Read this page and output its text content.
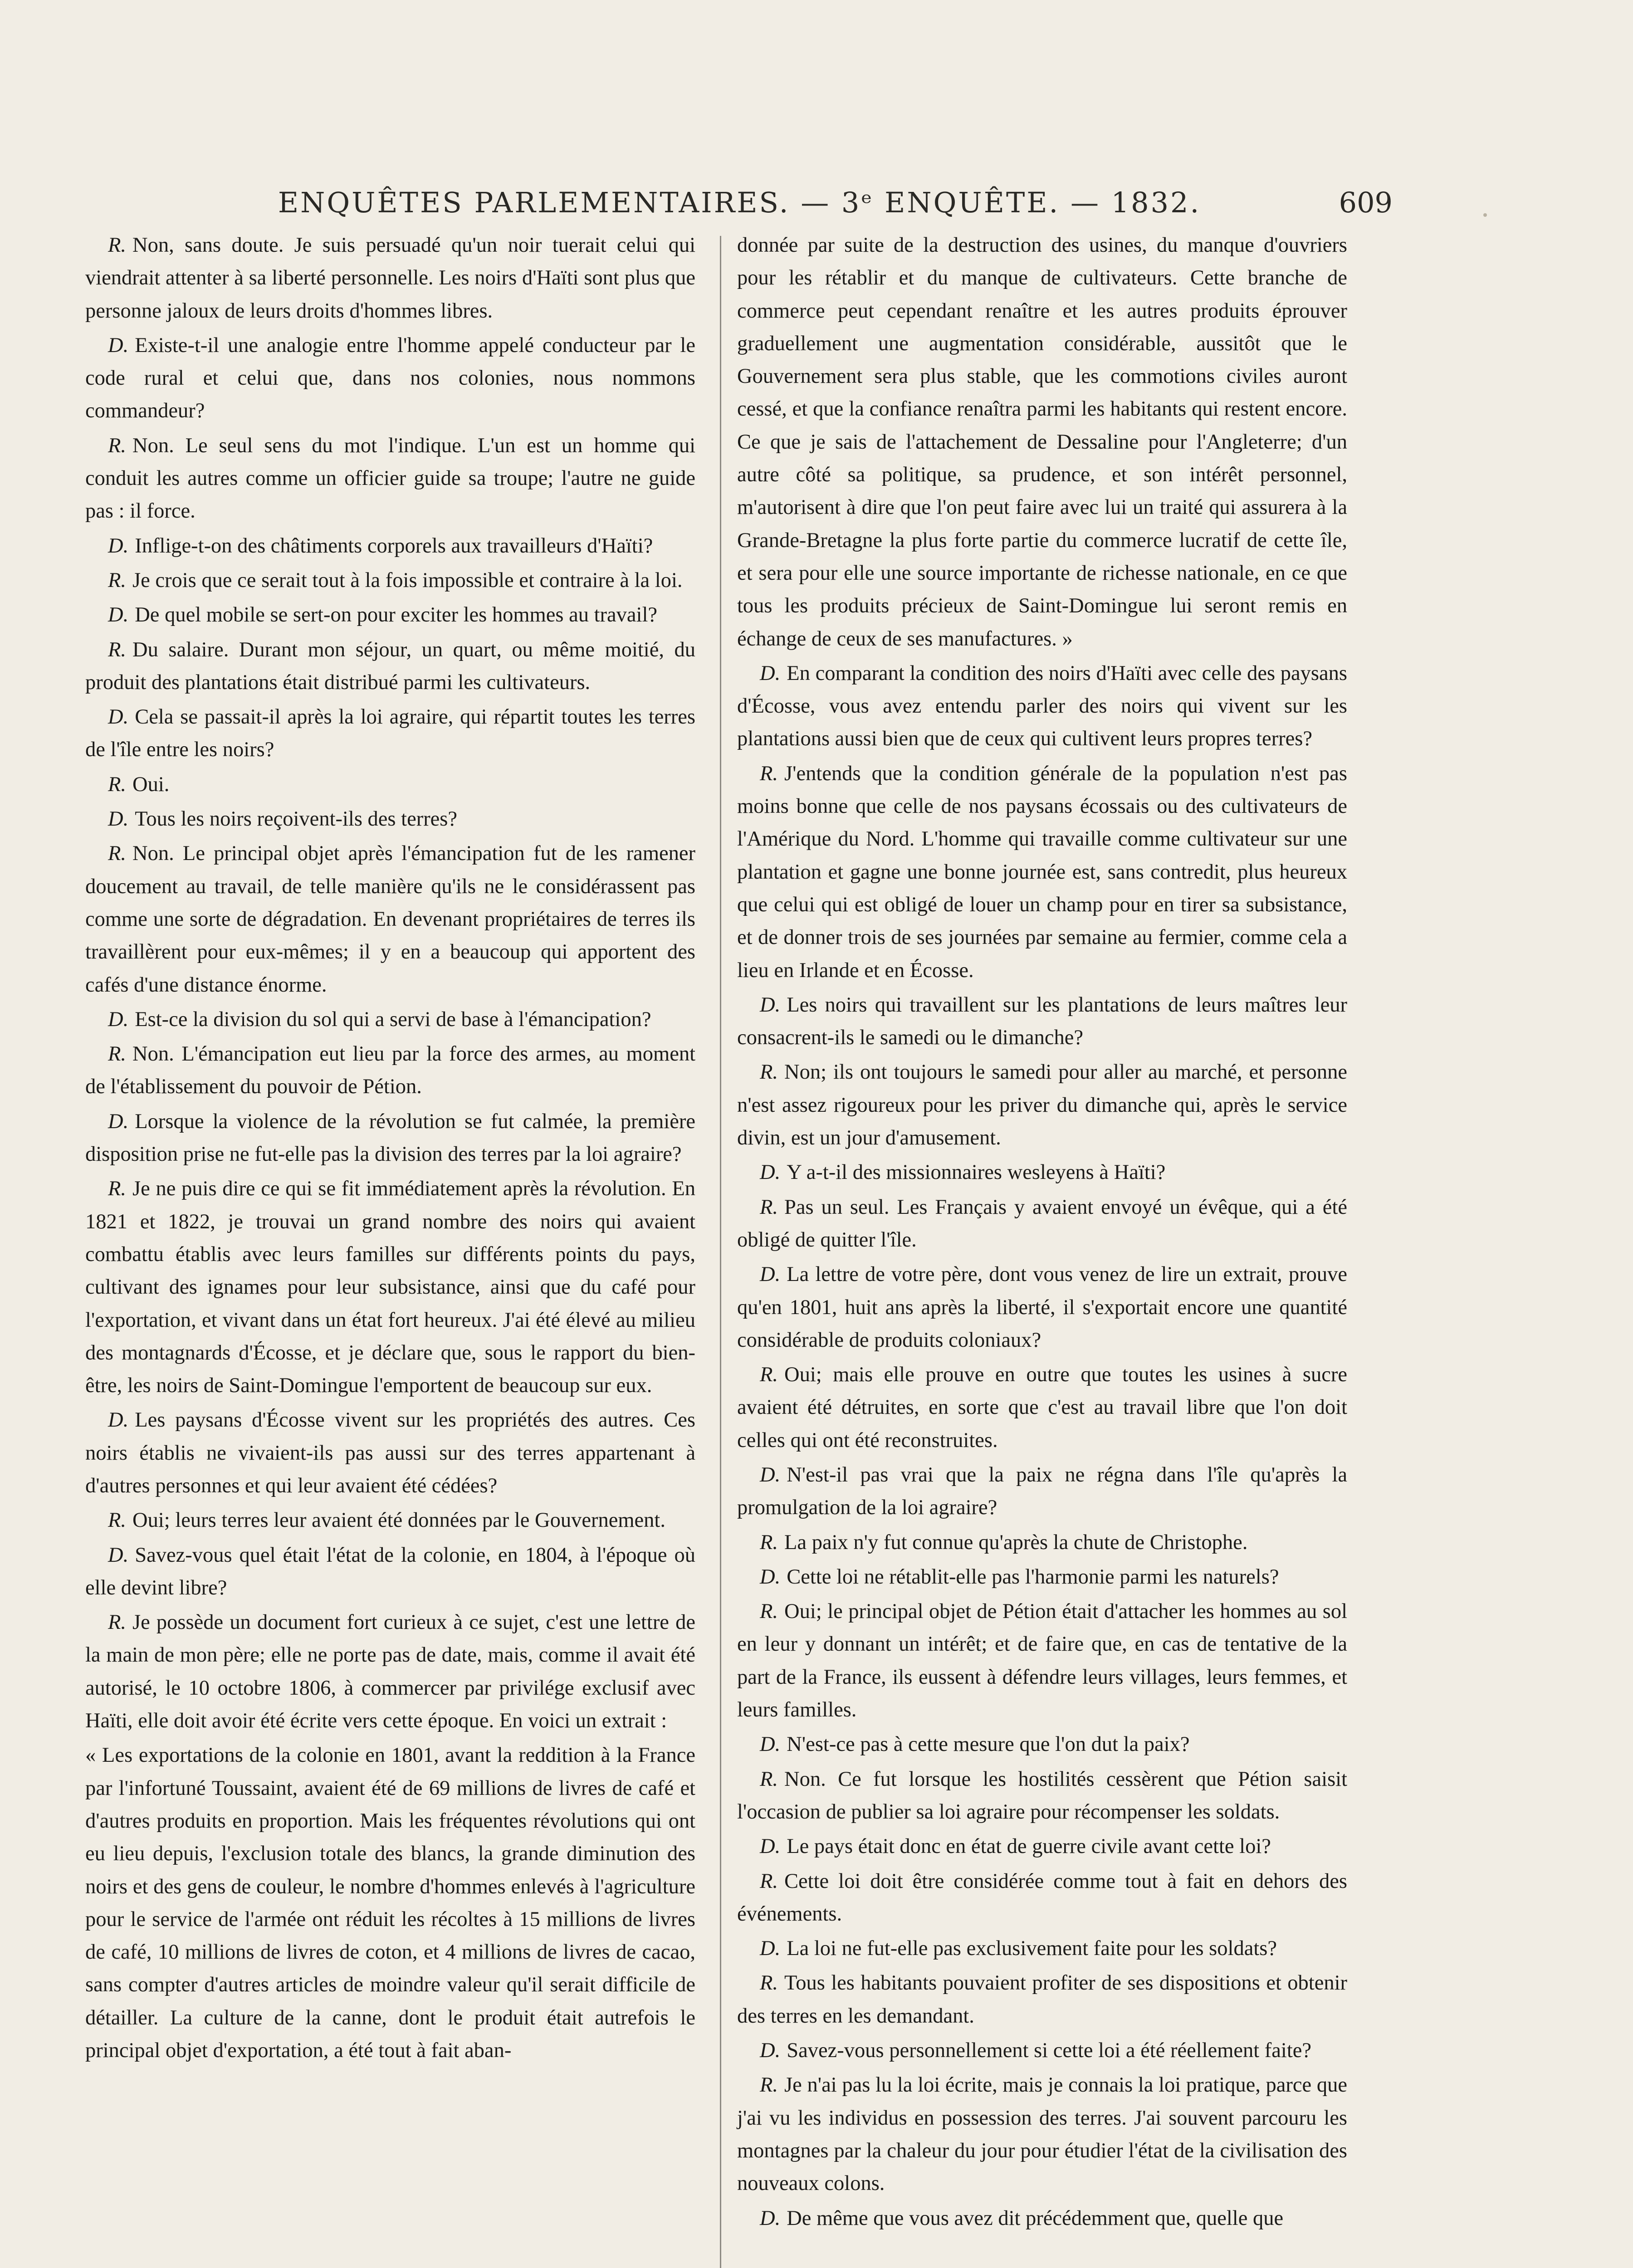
ENQUÊTES PARLEMENTAIRES. — 3ᵉ ENQUÊTE. — 1832.	609

R. Non, sans doute. Je suis persuadé qu'un noir tuerait celui qui viendrait attenter à sa liberté personnelle. Les noirs d'Haïti sont plus que personne jaloux de leurs droits d'hommes libres.

D. Existe-t-il une analogie entre l'homme appelé conducteur par le code rural et celui que, dans nos colonies, nous nommons commandeur?

R. Non. Le seul sens du mot l'indique. L'un est un homme qui conduit les autres comme un officier guide sa troupe; l'autre ne guide pas : il force.

D. Inflige-t-on des châtiments corporels aux travailleurs d'Haïti?

R. Je crois que ce serait tout à la fois impossible et contraire à la loi.

D. De quel mobile se sert-on pour exciter les hommes au travail?

R. Du salaire. Durant mon séjour, un quart, ou même moitié, du produit des plantations était distribué parmi les cultivateurs.

D. Cela se passait-il après la loi agraire, qui répartit toutes les terres de l'île entre les noirs?

R. Oui.

D. Tous les noirs reçoivent-ils des terres?

R. Non. Le principal objet après l'émancipation fut de les ramener doucement au travail, de telle manière qu'ils ne le considérassent pas comme une sorte de dégradation. En devenant propriétaires de terres ils travaillèrent pour eux-mêmes; il y en a beaucoup qui apportent des cafés d'une distance énorme.

D. Est-ce la division du sol qui a servi de base à l'émancipation?

R. Non. L'émancipation eut lieu par la force des armes, au moment de l'établissement du pouvoir de Pétion.

D. Lorsque la violence de la révolution se fut calmée, la première disposition prise ne fut-elle pas la division des terres par la loi agraire?

R. Je ne puis dire ce qui se fit immédiatement après la révolution. En 1821 et 1822, je trouvai un grand nombre des noirs qui avaient combattu établis avec leurs familles sur différents points du pays, cultivant des ignames pour leur subsistance, ainsi que du café pour l'exportation, et vivant dans un état fort heureux. J'ai été élevé au milieu des montagnards d'Écosse, et je déclare que, sous le rapport du bien-être, les noirs de Saint-Domingue l'emportent de beaucoup sur eux.

D. Les paysans d'Écosse vivent sur les propriétés des autres. Ces noirs établis ne vivaient-ils pas aussi sur des terres appartenant à d'autres personnes et qui leur avaient été cédées?

R. Oui; leurs terres leur avaient été données par le Gouvernement.

D. Savez-vous quel était l'état de la colonie, en 1804, à l'époque où elle devint libre?

R. Je possède un document fort curieux à ce sujet, c'est une lettre de la main de mon père; elle ne porte pas de date, mais, comme il avait été autorisé, le 10 octobre 1806, à commercer par privilége exclusif avec Haïti, elle doit avoir été écrite vers cette époque. En voici un extrait :

« Les exportations de la colonie en 1801, avant la reddition à la France par l'infortuné Toussaint, avaient été de 69 millions de livres de café et d'autres produits en proportion. Mais les fréquentes révolutions qui ont eu lieu depuis, l'exclusion totale des blancs, la grande diminution des noirs et des gens de couleur, le nombre d'hommes enlevés à l'agriculture pour le service de l'armée ont réduit les récoltes à 15 millions de livres de café, 10 millions de livres de coton, et 4 millions de livres de cacao, sans compter d'autres articles de moindre valeur qu'il serait difficile de détailler. La culture de la canne, dont le produit était autrefois le principal objet d'exportation, a été tout à fait aban-

donnée par suite de la destruction des usines, du manque d'ouvriers pour les rétablir et du manque de cultivateurs. Cette branche de commerce peut cependant renaître et les autres produits éprouver graduellement une augmentation considérable, aussitôt que le Gouvernement sera plus stable, que les commotions civiles auront cessé, et que la confiance renaîtra parmi les habitants qui restent encore. Ce que je sais de l'attachement de Dessaline pour l'Angleterre; d'un autre côté sa politique, sa prudence, et son intérêt personnel, m'autorisent à dire que l'on peut faire avec lui un traité qui assurera à la Grande-Bretagne la plus forte partie du commerce lucratif de cette île, et sera pour elle une source importante de richesse nationale, en ce que tous les produits précieux de Saint-Domingue lui seront remis en échange de ceux de ses manufactures. »

D. En comparant la condition des noirs d'Haïti avec celle des paysans d'Écosse, vous avez entendu parler des noirs qui vivent sur les plantations aussi bien que de ceux qui cultivent leurs propres terres?

R. J'entends que la condition générale de la population n'est pas moins bonne que celle de nos paysans écossais ou des cultivateurs de l'Amérique du Nord. L'homme qui travaille comme cultivateur sur une plantation et gagne une bonne journée est, sans contredit, plus heureux que celui qui est obligé de louer un champ pour en tirer sa subsistance, et de donner trois de ses journées par semaine au fermier, comme cela a lieu en Irlande et en Écosse.

D. Les noirs qui travaillent sur les plantations de leurs maîtres leur consacrent-ils le samedi ou le dimanche?

R. Non; ils ont toujours le samedi pour aller au marché, et personne n'est assez rigoureux pour les priver du dimanche qui, après le service divin, est un jour d'amusement.

D. Y a-t-il des missionnaires wesleyens à Haïti?

R. Pas un seul. Les Français y avaient envoyé un évêque, qui a été obligé de quitter l'île.

D. La lettre de votre père, dont vous venez de lire un extrait, prouve qu'en 1801, huit ans après la liberté, il s'exportait encore une quantité considérable de produits coloniaux?

R. Oui; mais elle prouve en outre que toutes les usines à sucre avaient été détruites, en sorte que c'est au travail libre que l'on doit celles qui ont été reconstruites.

D. N'est-il pas vrai que la paix ne régna dans l'île qu'après la promulgation de la loi agraire?

R. La paix n'y fut connue qu'après la chute de Christophe.

D. Cette loi ne rétablit-elle pas l'harmonie parmi les naturels?

R. Oui; le principal objet de Pétion était d'attacher les hommes au sol en leur y donnant un intérêt; et de faire que, en cas de tentative de la part de la France, ils eussent à défendre leurs villages, leurs femmes, et leurs familles.

D. N'est-ce pas à cette mesure que l'on dut la paix?

R. Non. Ce fut lorsque les hostilités cessèrent que Pétion saisit l'occasion de publier sa loi agraire pour récompenser les soldats.

D. Le pays était donc en état de guerre civile avant cette loi?

R. Cette loi doit être considérée comme tout à fait en dehors des événements.

D. La loi ne fut-elle pas exclusivement faite pour les soldats?

R. Tous les habitants pouvaient profiter de ses dispositions et obtenir des terres en les demandant.

D. Savez-vous personnellement si cette loi a été réellement faite?

R. Je n'ai pas lu la loi écrite, mais je connais la loi pratique, parce que j'ai vu les individus en possession des terres. J'ai souvent parcouru les montagnes par la chaleur du jour pour étudier l'état de la civilisation des nouveaux colons.

D. De même que vous avez dit précédemment que, quelle que
